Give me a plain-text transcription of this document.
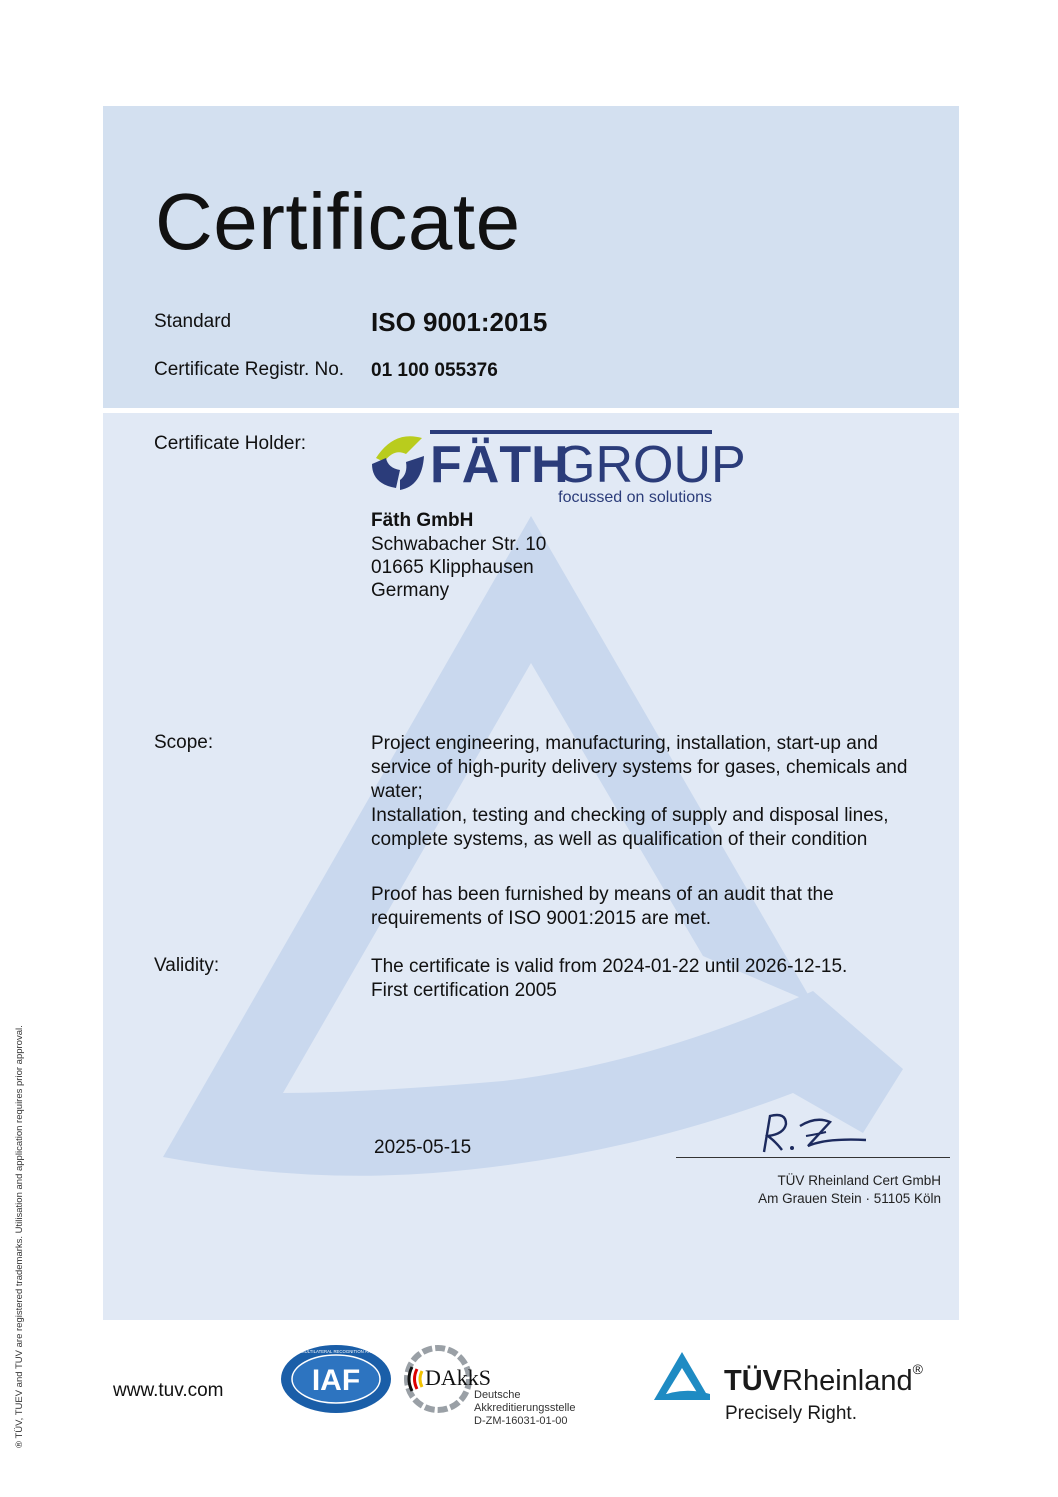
Certificate
Standard	ISO 9001:2015
Certificate Registr. No. 01 100 055376
Certificate Holder: FÄTH
GROUP
focussed on solutions
Fäth GmbH
Schwabacher Str. 10
01665 Klipphausen
Germany
Scope:	Project engineering, manufacturing, installation, start-up and
service of high-purity delivery systems for gases, chemicals and
water;
Installation, testing and checking of supply and disposal lines,
complete systems, as well as qualification of their condition
Proof has been furnished by means of an audit that the
requirements of ISO 9001:2015 are met.
Validity:	The certificate is valid from 2024-01-22 until 2026-12-15.
First certification 2005
2025-05-15
TÜV Rheinland Cert GmbH
Am Grauen Stein · 51105 Köln
® TÜV, TUEV and TUV are registered trademarks. Utilisation and application requires prior approval.	www.tuv.com	IAF
MEMBER OF MULTILATERAL RECOGNITION ARRANGEMENT
DAkkS
Deutsche
Akkreditierungsstelle
D-ZM-16031-01-00
TÜVRheinland®
Precisely Right.
